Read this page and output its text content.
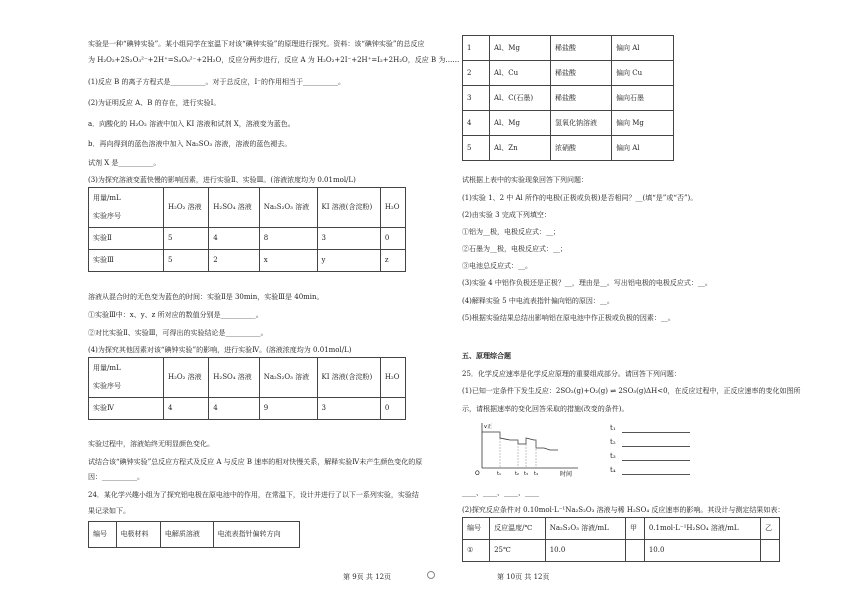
实验是一种“碘钟实验”。某小组同学在室温下对该“碘钟实验”的原理进行探究。资料：该“碘钟实验”的总反应

为 H₂O₂+2S₂O₃²⁻+2H⁺=S₄O₆²⁻+2H₂O，反应分两步进行，反应 A 为 H₂O₂+2I⁻+2H⁺=I₂+2H₂O，反应 B 为……

(1)反应 B 的离子方程式是__________。对于总反应，I⁻的作用相当于__________。

(2)为证明反应 A、B 的存在，进行实验Ⅰ。

a．向酸化的 H₂O₂ 溶液中加入 KI 溶液和试剂 X，溶液变为蓝色。

b．再向得到的蓝色溶液中加入 Na₂SO₃ 溶液，溶液的蓝色褪去。

试剂 X 是__________。

(3)为探究溶液变蓝快慢的影响因素，进行实验Ⅱ、实验Ⅲ。(溶液浓度均为 0.01mol/L)

用量/mL

实验序号	H₂O₂ 溶液	H₂SO₄ 溶液	Na₂S₂O₃ 溶液	KI 溶液(含淀粉)	H₂O
实验Ⅱ	5	4	8	3	0
实验Ⅲ	5	2	x	y	z

溶液从混合时的无色变为蓝色的时间：实验Ⅱ是 30min，实验Ⅲ是 40min。

①实验Ⅲ中：x、y、z 所对应的数值分别是__________。

②对比实验Ⅱ、实验Ⅲ，可得出的实验结论是__________。

(4)为探究其他因素对该“碘钟实验”的影响，进行实验Ⅳ。(溶液浓度均为 0.01mol/L)

用量/mL

实验序号	H₂O₂ 溶液	H₂SO₄ 溶液	Na₂S₂O₃ 溶液	KI 溶液(含淀粉)	H₂O
实验Ⅳ	4	4	9	3	0

实验过程中，溶液始终无明显颜色变化。

试结合该“碘钟实验”总反应方程式及反应 A 与反应 B 速率的相对快慢关系，解释实验Ⅳ未产生颜色变化的原

因：__________。

24．某化学兴趣小组为了探究铝电极在原电池中的作用，在常温下，设计并进行了以下一系列实验，实验结

果记录如下。

编号	电极材料	电解质溶液	电流表指针偏转方向
第 9页 共 12页	第 10页 共 12页
1	Al、Mg	稀盐酸	偏向 Al
2	Al、Cu	稀盐酸	偏向 Cu
3	Al、C(石墨)	稀盐酸	偏向石墨
4	Al、Mg	氢氧化钠溶液	偏向 Mg
5	Al、Zn	浓硝酸	偏向 Al

试根据上表中的实验现象回答下列问题：

(1)实验 1、2 中 Al 所作的电极(正极或负极)是否相同？__(填“是”或“否”)。

(2)由实验 3 完成下列填空：

①铝为__极，电极反应式：__；

②石墨为__极，电极反应式：__；

③电池总反应式：__。

(3)实验 4 中铝作负极还是正极？__，理由是__。写出铝电极的电极反应式：__。

(4)解释实验 5 中电流表指针偏向铝的原因：__。

(5)根据实验结果总结出影响铝在原电池中作正极或负极的因素：__。

五、原理综合题

25．化学反应速率是化学反应原理的重要组成部分。请回答下列问题：

(1)已知一定条件下发生反应：2SO₂(g)+O₂(g) ⇌ 2SO₃(g)ΔH<0，在反应过程中，正反应速率的变化如图所

示，请根据速率的变化回答采取的措施(改变的条件)。

O
v正
时间
t₁	t₂ t₃ t₄

t₁

t₂

t₃

t₄

____、____、____、____

(2)探究反应条件对 0.10mol·L⁻¹Na₂S₂O₃ 溶液与稀 H₂SO₄ 反应速率的影响。其设计与测定结果如表：

编号	反应温度/℃	Na₂S₂O₃ 溶液/mL	甲	0.1mol·L⁻¹H₂SO₄ 溶液/mL	乙
①	25℃	10.0		10.0	
